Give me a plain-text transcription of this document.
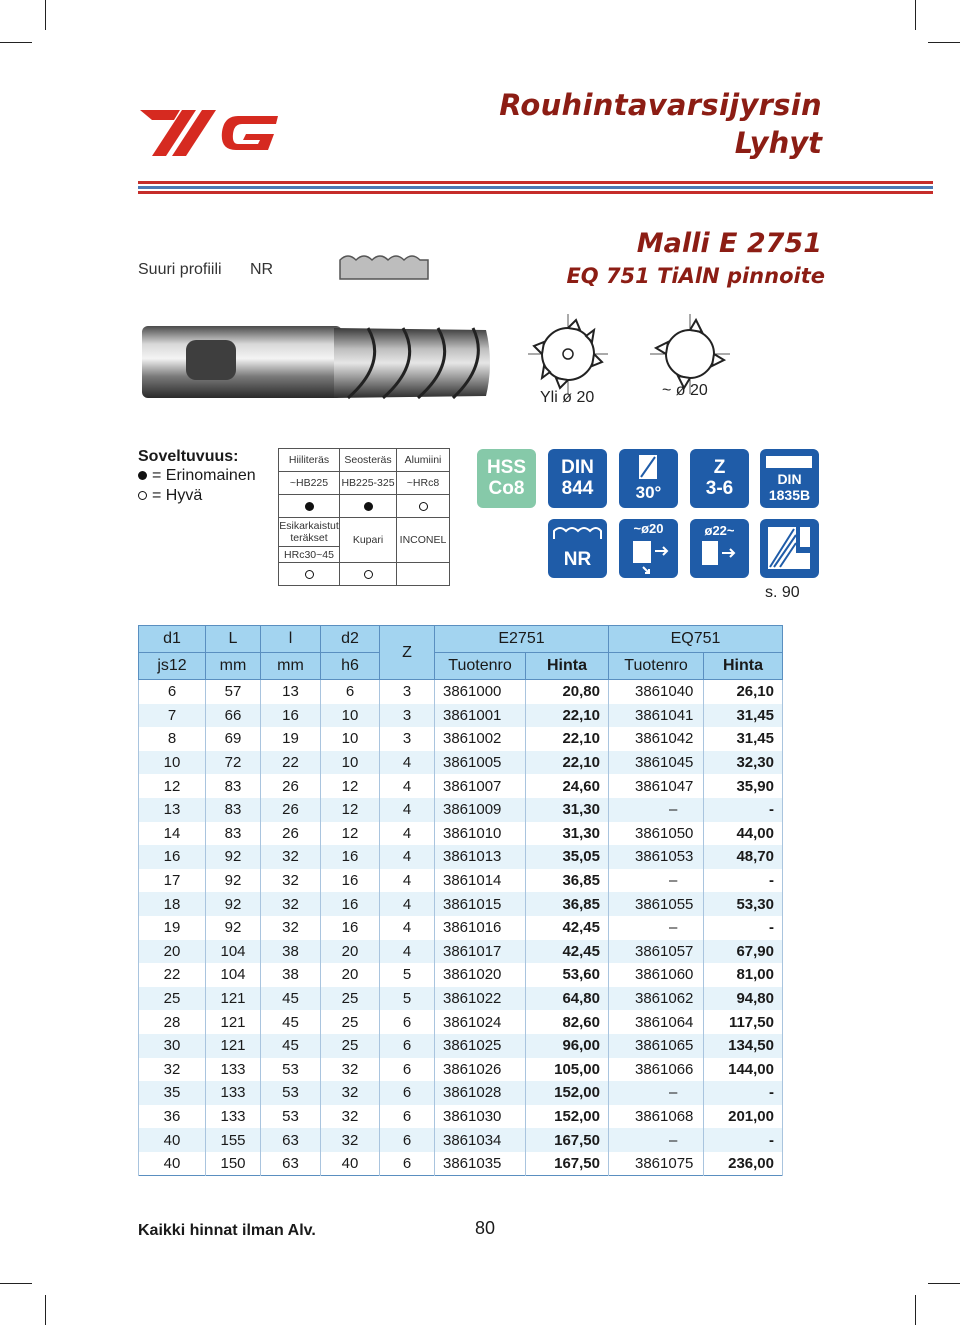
Rouhintavarsijyrsin
Lyhyt
Malli E 2751
EQ 751 TiAlN pinnoite
Suuri profiili NR
Yli ø 20	~ ø 20
Soveltuvuus:
= Erinomainen
= Hyvä
Hiiliteräs	Seosteräs	Alumiini
~HB225	HB225-325	~HRc8

Esikarkaistut
teräkset
HRc30~45	Kupari	INCONEL

HSS
Co8
DIN
844	30°
Z
3-6	DIN
1835B
NR
~ø20	ø22~
s. 90
d1	L	l	d2	Z	E2751		EQ751	
js12	mm	mm	h6		Tuotenro	Hinta	Tuotenro	Hinta
6	57	13	6	3	3861000	20,80	3861040	26,10
7	66	16	10	3	3861001	22,10	3861041	31,45
8	69	19	10	3	3861002	22,10	3861042	31,45
10	72	22	10	4	3861005	22,10	3861045	32,30
12	83	26	12	4	3861007	24,60	3861047	35,90
13	83	26	12	4	3861009	31,30	–	-
14	83	26	12	4	3861010	31,30	3861050	44,00
16	92	32	16	4	3861013	35,05	3861053	48,70
17	92	32	16	4	3861014	36,85	–	-
18	92	32	16	4	3861015	36,85	3861055	53,30
19	92	32	16	4	3861016	42,45	–	-
20	104	38	20	4	3861017	42,45	3861057	67,90
22	104	38	20	5	3861020	53,60	3861060	81,00
25	121	45	25	5	3861022	64,80	3861062	94,80
28	121	45	25	6	3861024	82,60	3861064	117,50
30	121	45	25	6	3861025	96,00	3861065	134,50
32	133	53	32	6	3861026	105,00	3861066	144,00
35	133	53	32	6	3861028	152,00	–	-
36	133	53	32	6	3861030	152,00	3861068	201,00
40	155	63	32	6	3861034	167,50	–	-
40	150	63	40	6	3861035	167,50	3861075	236,00
Kaikki hinnat ilman Alv.	80
